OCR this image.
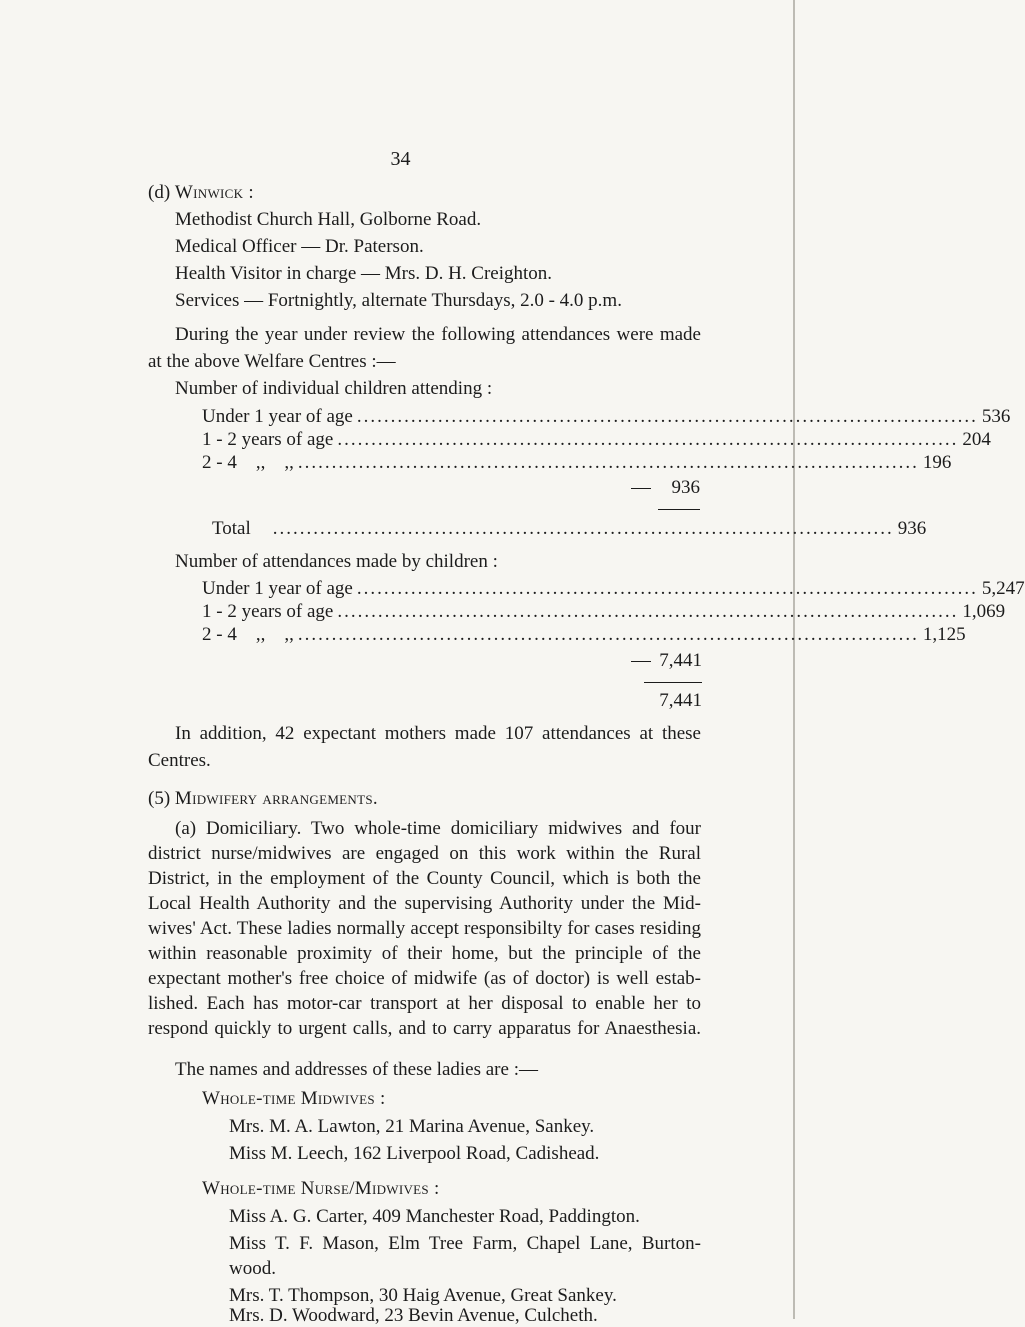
34
(d) Winwick :
Methodist Church Hall, Golborne Road.
Medical Officer — Dr. Paterson.
Health Visitor in charge — Mrs. D. H. Creighton.
Services — Fortnightly, alternate Thursdays, 2.0 - 4.0 p.m.
During the year under review the following attendances were made
at the above Welfare Centres :—
Number of individual children attending :
Under 1 year of age ............................................................................................ 536
1 - 2 years of age ............................................................................................ 204
2 - 4    ,,    ,, ............................................................................................ 196
936
Total ............................................................................................ 936
Number of attendances made by children :
Under 1 year of age ............................................................................................ 5,247
1 - 2 years of age ............................................................................................ 1,069
2 - 4    ,,    ,, ............................................................................................ 1,125
7,441
7,441
In addition, 42 expectant mothers made 107 attendances at these
Centres.
(5) Midwifery arrangements.
(a) Domiciliary. Two whole-time domiciliary midwives and four
district nurse/midwives are engaged on this work within the Rural
District, in the employment of the County Council, which is both the
Local Health Authority and the supervising Authority under the Mid-
wives' Act. These ladies normally accept responsibilty for cases residing
within reasonable proximity of their home, but the principle of the
expectant mother's free choice of midwife (as of doctor) is well estab-
lished. Each has motor-car transport at her disposal to enable her to
respond quickly to urgent calls, and to carry apparatus for Anaesthesia.
The names and addresses of these ladies are :—
Whole-time Midwives :
Mrs. M. A. Lawton, 21 Marina Avenue, Sankey.
Miss M. Leech, 162 Liverpool Road, Cadishead.
Whole-time Nurse/Midwives :
Miss A. G. Carter, 409 Manchester Road, Paddington.
Miss T. F. Mason, Elm Tree Farm, Chapel Lane, Burton-
wood.
Mrs. T. Thompson, 30 Haig Avenue, Great Sankey.
Mrs. D. Woodward, 23 Bevin Avenue, Culcheth.
